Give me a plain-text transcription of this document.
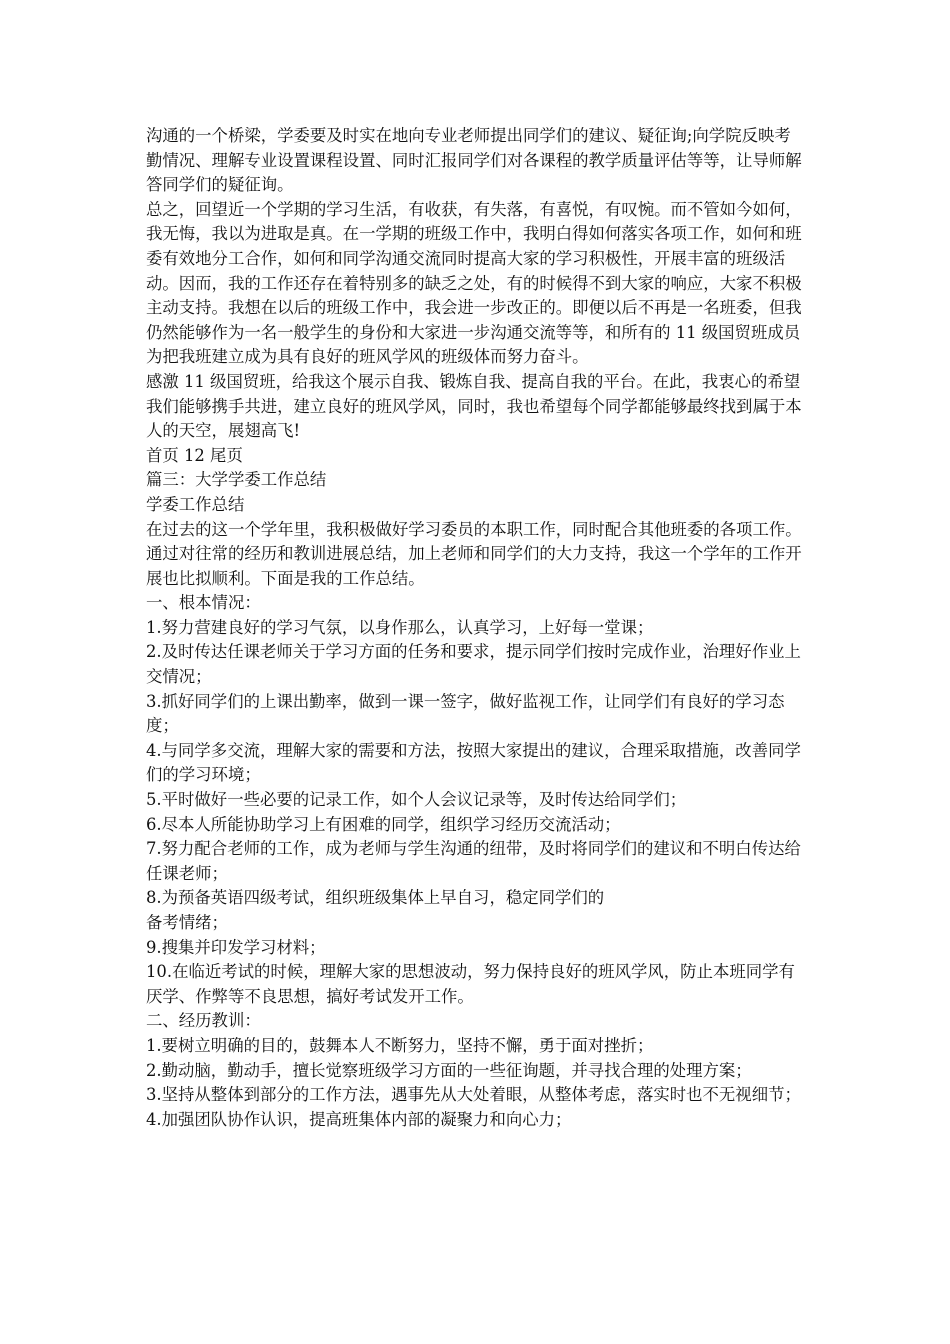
沟通的一个桥梁，学委要及时实在地向专业老师提出同学们的建议、疑征询;向学院反映考勤情况、理解专业设置课程设置、同时汇报同学们对各课程的教学质量评估等等，让导师解答同学们的疑征询。

总之，回望近一个学期的学习生活，有收获，有失落，有喜悦，有叹惋。而不管如今如何，我无悔，我以为进取是真。在一学期的班级工作中，我明白得如何落实各项工作，如何和班委有效地分工合作，如何和同学沟通交流同时提高大家的学习积极性，开展丰富的班级活动。因而，我的工作还存在着特别多的缺乏之处，有的时候得不到大家的响应，大家不积极主动支持。我想在以后的班级工作中，我会进一步改正的。即便以后不再是一名班委，但我仍然能够作为一名一般学生的身份和大家进一步沟通交流等等，和所有的 11 级国贸班成员为把我班建立成为具有良好的班风学风的班级体而努力奋斗。

感激 11 级国贸班，给我这个展示自我、锻炼自我、提高自我的平台。在此，我衷心的希望我们能够携手共进，建立良好的班风学风，同时，我也希望每个同学都能够最终找到属于本人的天空，展翅高飞!

首页 12 尾页

篇三：大学学委工作总结

学委工作总结

在过去的这一个学年里，我积极做好学习委员的本职工作，同时配合其他班委的各项工作。通过对往常的经历和教训进展总结，加上老师和同学们的大力支持，我这一个学年的工作开展也比拟顺利。下面是我的工作总结。

一、根本情况：

1.努力营建良好的学习气氛，以身作那么，认真学习，上好每一堂课；

2.及时传达任课老师关于学习方面的任务和要求，提示同学们按时完成作业，治理好作业上交情况；

3.抓好同学们的上课出勤率，做到一课一签字，做好监视工作，让同学们有良好的学习态度；

4.与同学多交流，理解大家的需要和方法，按照大家提出的建议，合理采取措施，改善同学们的学习环境；

5.平时做好一些必要的记录工作，如个人会议记录等，及时传达给同学们；

6.尽本人所能协助学习上有困难的同学，组织学习经历交流活动；

7.努力配合老师的工作，成为老师与学生沟通的纽带，及时将同学们的建议和不明白传达给任课老师；

8.为预备英语四级考试，组织班级集体上早自习，稳定同学们的

备考情绪；

9.搜集并印发学习材料；

10.在临近考试的时候，理解大家的思想波动，努力保持良好的班风学风，防止本班同学有厌学、作弊等不良思想，搞好考试发开工作。

二、经历教训：

1.要树立明确的目的，鼓舞本人不断努力，坚持不懈，勇于面对挫折；

2.勤动脑，勤动手，擅长觉察班级学习方面的一些征询题，并寻找合理的处理方案；

3.坚持从整体到部分的工作方法，遇事先从大处着眼，从整体考虑，落实时也不无视细节；

4.加强团队协作认识，提高班集体内部的凝聚力和向心力；
